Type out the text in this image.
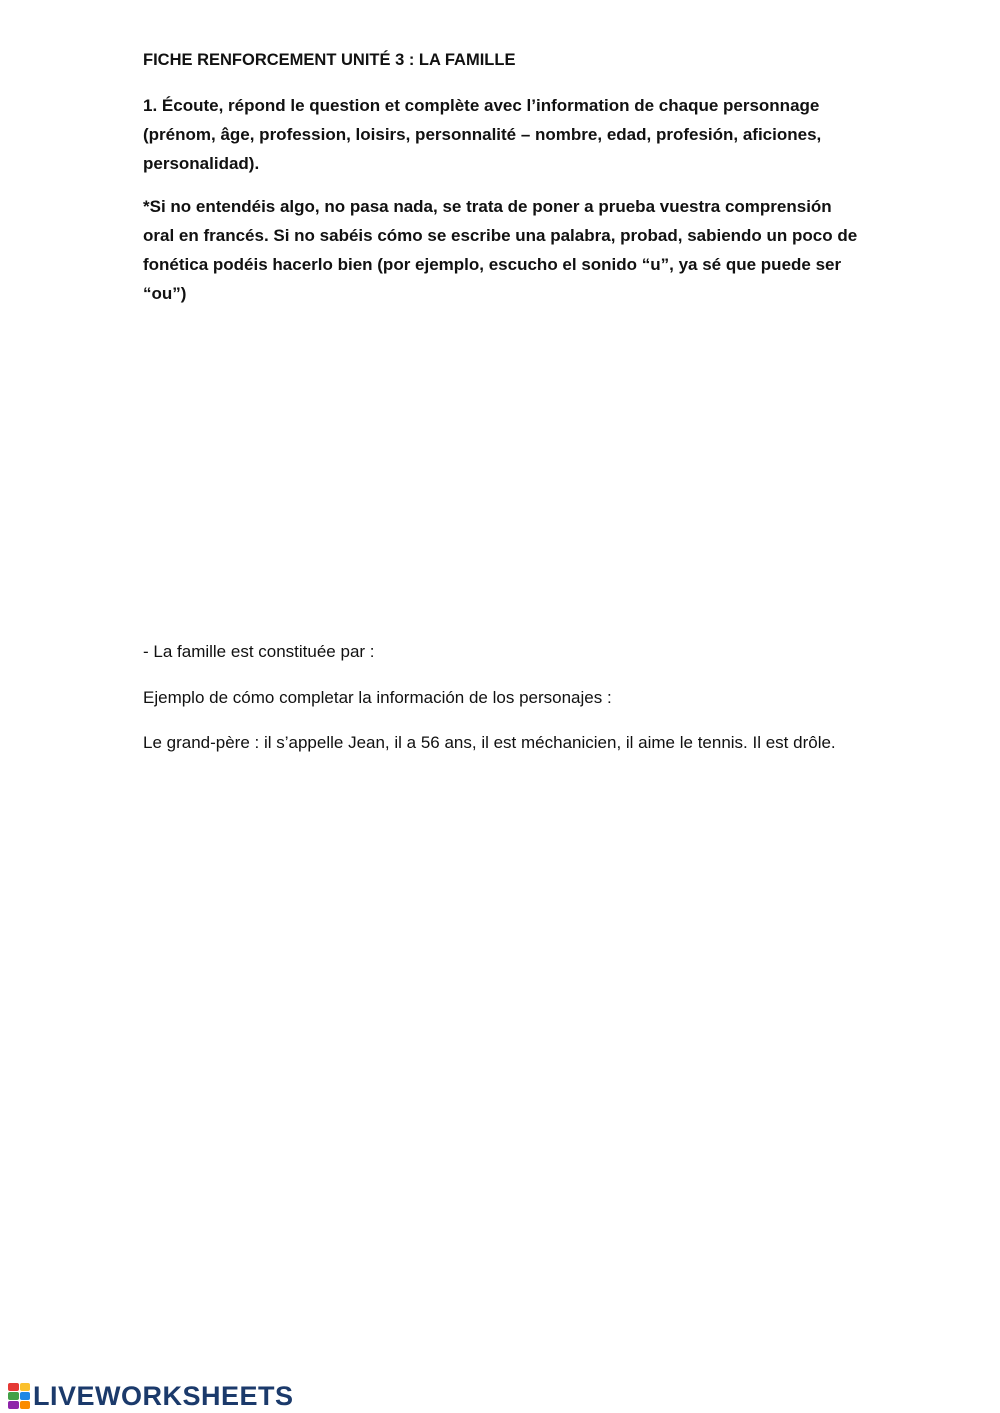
FICHE RENFORCEMENT UNITÉ 3 : LA FAMILLE
1. Écoute, répond le question et complète avec l’information de chaque personnage (prénom, âge, profession, loisirs, personnalité – nombre, edad, profesión, aficiones, personalidad).
*Si no entendéis algo, no pasa nada, se trata de poner a prueba vuestra comprensión oral en francés. Si no sabéis cómo se escribe una palabra, probad, sabiendo un poco de fonética podéis hacerlo bien (por ejemplo, escucho el sonido “u”, ya sé que puede ser “ou”)
- La famille est constituée par :
Ejemplo de cómo completar la información de los personajes :
Le grand-père : il s’appelle Jean, il a 56 ans, il est méchanicien, il aime le tennis. Il est drôle.
LIVEWORKSHEETS
